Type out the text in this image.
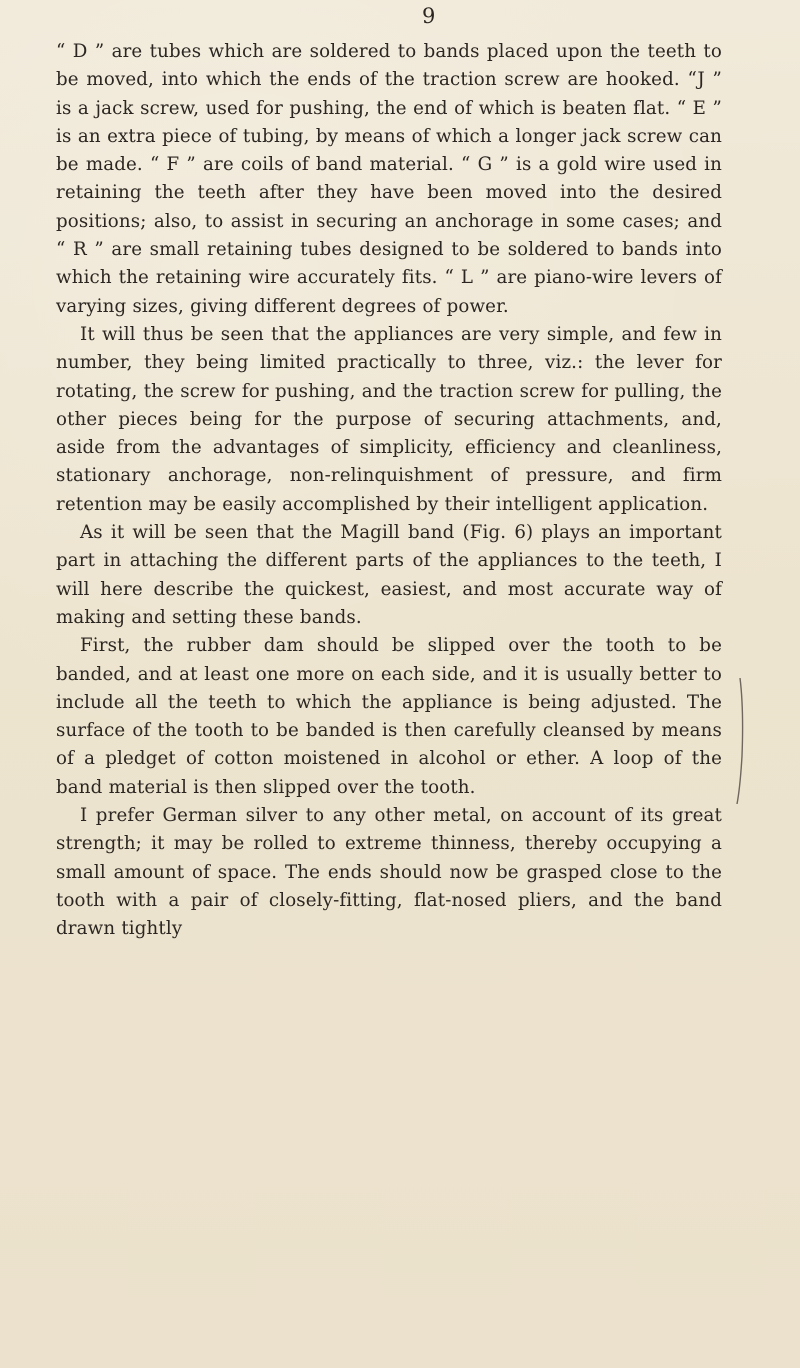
9

“ D ” are tubes which are soldered to bands placed upon the teeth to be moved, into which the ends of the traction screw are hooked. “J ” is a jack screw, used for pushing, the end of which is beaten flat. “ E ” is an extra piece of tubing, by means of which a longer jack screw can be made. “ F ” are coils of band material. “ G ” is a gold wire used in retaining the teeth after they have been moved into the desired positions; also, to assist in securing an anchorage in some cases; and “ R ” are small retaining tubes designed to be soldered to bands into which the retaining wire accurately fits. “ L ” are piano-wire levers of varying sizes, giving different degrees of power.

It will thus be seen that the appliances are very simple, and few in number, they being limited practically to three, viz.: the lever for rotating, the screw for pushing, and the traction screw for pulling, the other pieces being for the purpose of securing attachments, and, aside from the advantages of simplicity, efficiency and cleanliness, stationary anchorage, non-relinquishment of pressure, and firm retention may be easily accomplished by their intelligent application.

As it will be seen that the Magill band (Fig. 6) plays an important part in attaching the different parts of the appliances to the teeth, I will here describe the quickest, easiest, and most accurate way of making and setting these bands.

First, the rubber dam should be slipped over the tooth to be banded, and at least one more on each side, and it is usually better to include all the teeth to which the appliance is being adjusted. The surface of the tooth to be banded is then carefully cleansed by means of a pledget of cotton moistened in alcohol or ether. A loop of the band material is then slipped over the tooth.

I prefer German silver to any other metal, on account of its great strength; it may be rolled to extreme thinness, thereby occupying a small amount of space. The ends should now be grasped close to the tooth with a pair of closely-fitting, flat-nosed pliers, and the band drawn tightly
